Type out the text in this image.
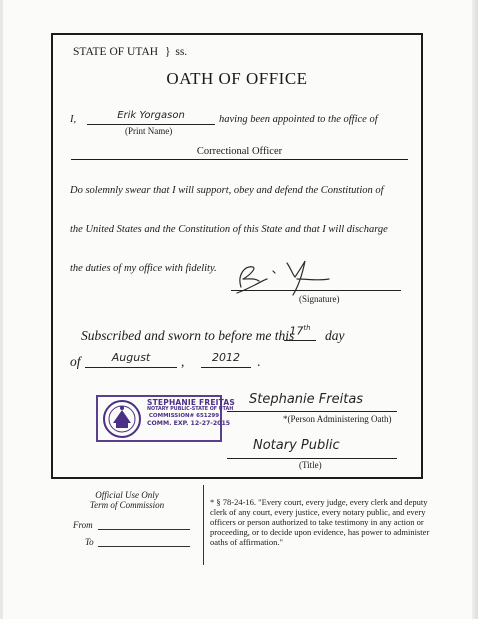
STATE OF UTAH } ss.
OATH OF OFFICE
I,	Erik Yorgason
(Print Name)
having been appointed to the office of
Correctional Officer
Do solemnly swear that I will support, obey and defend the Constitution of
the United States and the Constitution of this State and that I will discharge
the duties of my office with fidelity.
(Signature)
Subscribed and sworn to before me this
17th	day
of	August	,	2012	.
STEPHANIE FREITAS
NOTARY PUBLIC-STATE OF UTAH
COMMISSION# 651299
COMM. EXP. 12-27-2015
Stephanie Freitas
*(Person Administering Oath)
Notary Public
(Title)
Official Use Only
Term of Commission
From
To
* § 78-24-16. "Every court, every judge, every clerk and deputy clerk of any court, every justice, every notary public, and every officers or person authorized to take testimony in any action or proceeding, or to decide upon evidence, has power to administer oaths of affirmation."
